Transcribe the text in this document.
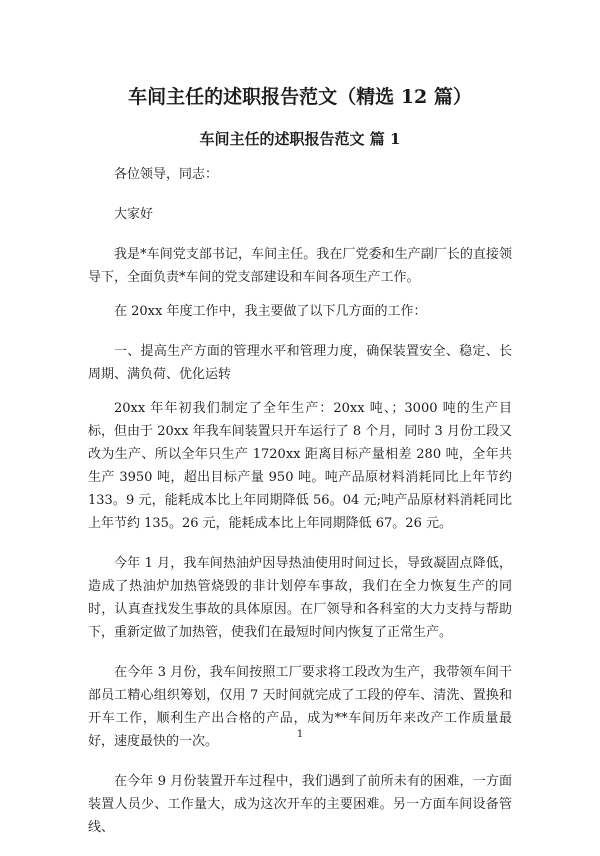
车间主任的述职报告范文（精选 12 篇）
车间主任的述职报告范文 篇 1

各位领导，同志：

大家好

我是*车间党支部书记，车间主任。我在厂党委和生产副厂长的直接领导下，全面负责*车间的党支部建设和车间各项生产工作。

在 20xx 年度工作中，我主要做了以下几方面的工作：

一、提高生产方面的管理水平和管理力度，确保装置安全、稳定、长周期、满负荷、优化运转

20xx 年年初我们制定了全年生产：20xx 吨、；3000 吨的生产目标，但由于 20xx 年我车间装置只开车运行了 8 个月，同时 3 月份工段又改为生产、所以全年只生产 1720xx 距离目标产量相差 280 吨，全年共生产 3950 吨，超出目标产量 950 吨。吨产品原材料消耗同比上年节约 133。9 元，能耗成本比上年同期降低 56。04 元;吨产品原材料消耗同比上年节约 135。26 元，能耗成本比上年同期降低 67。26 元。

今年 1 月，我车间热油炉因导热油使用时间过长，导致凝固点降低，造成了热油炉加热管烧毁的非计划停车事故，我们在全力恢复生产的同时，认真查找发生事故的具体原因。在厂领导和各科室的大力支持与帮助下，重新定做了加热管，使我们在最短时间内恢复了正常生产。

在今年 3 月份，我车间按照工厂要求将工段改为生产，我带领车间干部员工精心组织筹划，仅用 7 天时间就完成了工段的停车、清洗、置换和开车工作，顺利生产出合格的产品，成为**车间历年来改产工作质量最好，速度最快的一次。

在今年 9 月份装置开车过程中，我们遇到了前所未有的困难，一方面装置人员少、工作量大，成为这次开车的主要困难。另一方面车间设备管线、

1
